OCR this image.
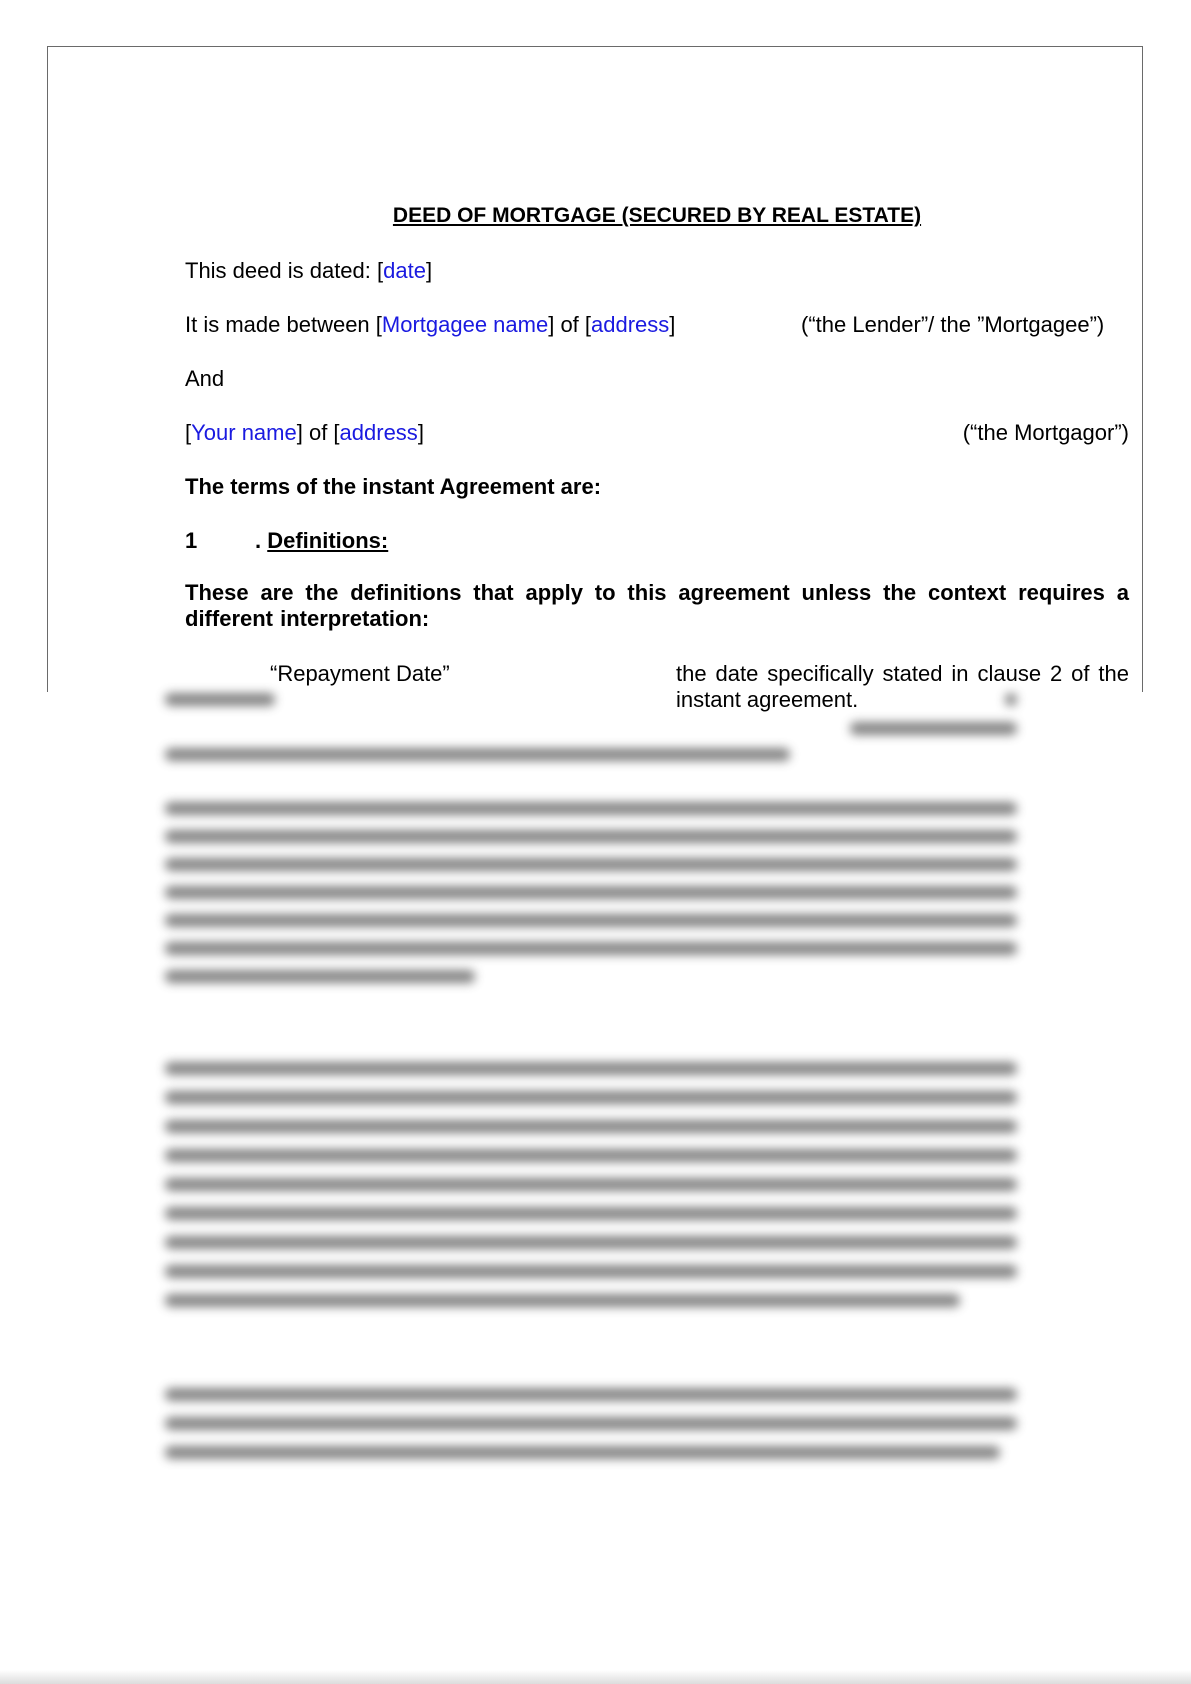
DEED OF MORTGAGE (SECURED BY REAL ESTATE)
This deed is dated: [date]
It is made between [Mortgagee name] of [address]	(“the Lender”/ the ”Mortgagee”)
And
[Your name] of [address]	(“the Mortgagor”)
The terms of the instant Agreement are:
1	. Definitions:
These are the definitions that apply to this agreement unless the context requires a different interpretation:
“Repayment Date”	the date specifically stated in clause 2 of the instant agreement.
